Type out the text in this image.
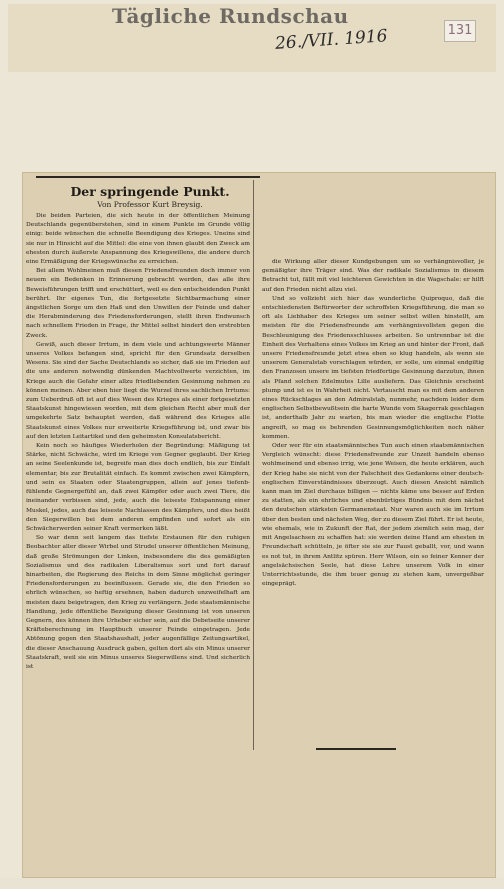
Tägliche Rundschau
26./VII. 1916	131
Der springende Punkt.
Von Professor Kurt Breysig.

Die beiden Parteien, die sich heute in der öffentlichen Meinung Deutschlands gegenüberstehen, sind in einem Punkte im Grunde völlig einig: beide wünschen die schnelle Beendigung des Krieges. Uneins sind sie nur in Hinsicht auf die Mittel: die eine von ihnen glaubt den Zweck am ehesten durch äußerste Anspannung des Kriegswillens, die andere durch eine Ermäßigung der Kriegswünsche zu erreichen.

Bei allem Wohlmeinen muß diesen Friedensfreunden doch immer von neuem ein Bedenken in Erinnerung gebracht werden, das alle ihre Beweisführungen trifft und erschüttert, weil es den entscheidenden Punkt berührt. Ihr eigenes Tun, die fortgesetzte Sichtbarmachung einer ängstlichen Sorge um den Haß und den Unwillen der Feinde und daher die Herabminderung des Friedensforderungen, stellt ihren Endwunsch nach schnellem Frieden in Frage, ihr Mittel selbst hindert den erstrebten Zweck.

Gewiß, auch dieser Irrtum, in dem viele und achtungswerte Männer unseres Volkes befangen sind, spricht für den Grundsatz derselben Wesens. Sie sind der Sache Deutschlands so sicher, daß sie im Frieden auf die uns anderen notwendig dünkenden Machtvollwerte verzichten, im Kriege auch die Gefahr einer allzu friedliebenden Gesinnung nehmen zu können meinen. Aber eben hier liegt die Wurzel ihres sachlichen Irrtums: zum Ueberdruß oft ist auf dies Wesen des Krieges als einer fortgesetzten Staatskunst hingewiesen worden, mit dem gleichen Recht aber muß der umgekehrte Satz behauptet werden, daß während des Krieges alle Staatskunst eines Volkes nur erweiterte Kriegsführung ist, und zwar bis auf den letzten Leitartikel und den geheimsten Konsulatsbericht.

Kein noch so häufiges Wiederholen der Begründung: Mäßigung ist Stärke, nicht Schwäche, wird im Kriege von Gegner geglaubt. Der Krieg an seine Seelenkunde ist, begreife man dies doch endlich, bis zur Einfalt elementar, bis zur Brutalität einfach. Es kommt zwischen zwei Kämpfern, und sein es Staaten oder Staatengruppen, allein auf jenes tiefenb-fühlende Gegnergefühl an, daß zwei Kämpfer oder auch zwei Tiere, die ineinander verbissen sind, jede, auch die leiseste Entspannung einer Muskel, jedes, auch das leiseste Nachlassen des Kämpfers, und dies heißt den Siegerwillen bei dem anderen empfinden und sofort als ein Schwächerwerden seiner Kraft vermerken läßt.

So war denn seit langem das tiefste Erstaunen für den ruhigen Beobachter aller dieser Wirbel und Strudel unserer öffentlichen Meinung, daß große Strömungen der Linken, insbesondere die des gemäßigten Sozialismus und des radikalen Liberalismus sort und fort darauf hinarbeiten, die Regierung des Reichs in dem Sinne möglichst geringer Friedensforderungen zu beeinflussen. Gerade sie, die den Frieden so ehrlich wünschen, so heftig ersehnen, haben dadurch unzweifelhaft am meisten dazu beigetragen, den Krieg zu verlängern. Jede staatsmännische Handlung, jede öffentliche Bezeigung dieser Gesinnung ist von unseren Gegnern, des können ihre Urheber sicher sein, auf die Debetseite unserer Kräfteberechnung im Hauptbuch unserer Feinde eingetragen. Jede Abtönung gegen den Staatshaushalt, jeder augenfällige Zeitungsartikel, die dieser Anschauung Ausdruck gaben, gelten dort als ein Minus unserer Staatskraft, weil sie ein Minus unseres Siegerwillens sind. Und sicherlich ist

die Wirkung aller dieser Kundgebungen um so verhängnisvoller, je gemäßigter ihre Träger sind. Was der radikale Sozialismus in diesem Betracht tut, fällt mit viel leichteren Gewichten in die Wagschale: er hilft auf den Frieden nicht allzu viel.

Und so vollzieht sich hier das wunderliche Quiproquo, daß die entschiedensten Befürworter der schroffsten Kriegsführung, die man so oft als Liebhaber des Krieges um seiner selbst willen hinstellt, am meisten für die Friedensfreunde am verhängnisvollsten gegen die Beschleunigung des Friedensschlusses arbeiten. So untrennbar ist die Einheit des Verhaltens eines Volkes im Krieg an und hinter der Front, daß unsere Friedensfreunde jetzt etwa eben so klug handeln, als wenn sie unserem Generalstab vorschlagen würden, er solle, um einmal endgiltig den Franzosen unsere im tiefsten friedfertige Gesinnung darzutun, ihnen als Pfand solchen Edelmutes Lille ausliefern. Das Gleichnis erscheint plump und ist es in Wahrheit nicht. Vertauscht man es mit dem anderen eines Rückschlages an den Admiralstab, nunmehr, nachdem leider dem englischen Selbstbewußtsein die harte Wunde vom Skagerrak geschlagen ist, anderthalb Jahr zu warten, bis man wieder die englische Flotte angreift, so mag es behrenden Gesinnungsmöglichkeiten noch näher kommen.

Oder wer für ein staatsmännisches Tun auch einen staatsmännischen Vergleich wünscht: diese Friedensfreunde zur Unzeit handeln ebenso wohlmeinend und ebenso irrig, wie jene Weisen, die heute erklären, auch der Krieg habe sie nicht von der Falschheit des Gedankens einer deutsch-englischen Einverständnisses überzeugt. Auch diesen Ansicht nämlich kann man im Ziel durchaus billigen — nichts käme uns besser auf Erden zu statten, als ein ehrliches und ebenbürtiges Bündnis mit dem nächst den deutschen stärksten Germanenstaat. Nur waren auch sie im Irrtum über den besten und nächsten Weg, der zu diesem Ziel führt. Er ist heute, wie ehemals, wie in Zukunft der Rat, der jedem ziemlich sein mag, der mit Angelsachsen zu schaffen hat: sie werden deine Hand am ehesten in Freundschaft schütteln, je öfter sie sie zur Faust geballt, vor, und wann es not tut, in ihrem Antlitz spüren. Herr Wilson, ein so feiner Kenner der angelsächsischen Seele, hat diese Lehre unserem Volk in einer Unterrichtsstunde, die ihm teuer genug zu stehen kam, unvergeßbar eingeprägt.
